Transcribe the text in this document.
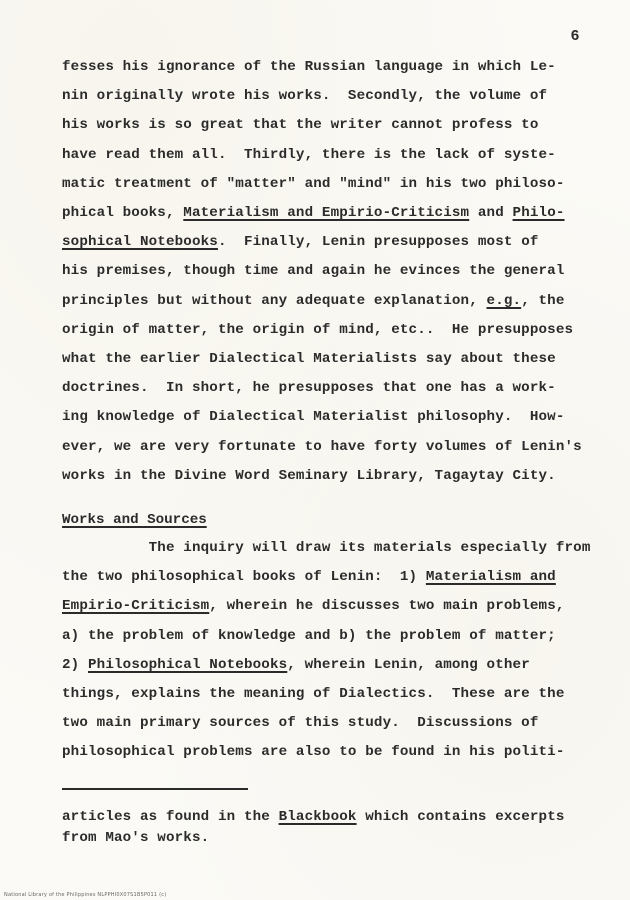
6
fesses his ignorance of the Russian language in which Le-
nin originally wrote his works.  Secondly, the volume of
his works is so great that the writer cannot profess to
have read them all.  Thirdly, there is the lack of syste-
matic treatment of "matter" and "mind" in his two philoso-
phical books, Materialism and Empirio-Criticism and Philo-
sophical Notebooks.  Finally, Lenin presupposes most of
his premises, though time and again he evinces the general
principles but without any adequate explanation, e.g., the
origin of matter, the origin of mind, etc..  He presupposes
what the earlier Dialectical Materialists say about these
doctrines.  In short, he presupposes that one has a work-
ing knowledge of Dialectical Materialist philosophy.  How-
ever, we are very fortunate to have forty volumes of Lenin's
works in the Divine Word Seminary Library, Tagaytay City.
Works and Sources
The inquiry will draw its materials especially from
the two philosophical books of Lenin:  1) Materialism and
Empirio-Criticism, wherein he discusses two main problems,
a) the problem of knowledge and b) the problem of matter;
2) Philosophical Notebooks, wherein Lenin, among other
things, explains the meaning of Dialectics.  These are the
two main primary sources of this study.  Discussions of
philosophical problems are also to be found in his politi-
articles as found in the Blackbook which contains excerpts
from Mao's works.
National Library of the Philippines NLPPHI0X07S1B5P011 (c)
